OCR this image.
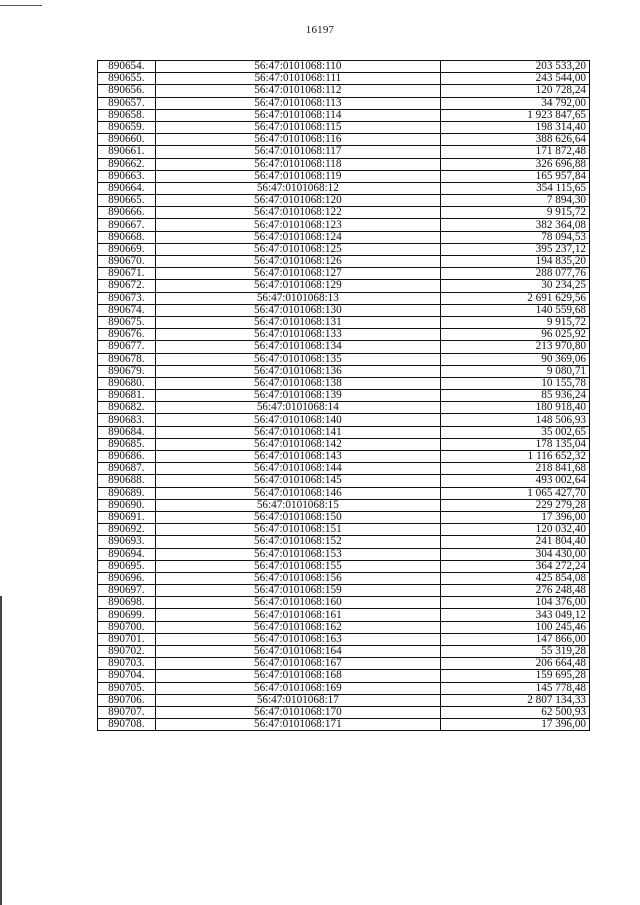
16197
890654.	56:47:0101068:110	203 533,20
890655.	56:47:0101068:111	243 544,00
890656.	56:47:0101068:112	120 728,24
890657.	56:47:0101068:113	34 792,00
890658.	56:47:0101068:114	1 923 847,65
890659.	56:47:0101068:115	198 314,40
890660.	56:47:0101068:116	388 626,64
890661.	56:47:0101068:117	171 872,48
890662.	56:47:0101068:118	326 696,88
890663.	56:47:0101068:119	165 957,84
890664.	56:47:0101068:12	354 115,65
890665.	56:47:0101068:120	7 894,30
890666.	56:47:0101068:122	9 915,72
890667.	56:47:0101068:123	382 364,08
890668.	56:47:0101068:124	78 094,53
890669.	56:47:0101068:125	395 237,12
890670.	56:47:0101068:126	194 835,20
890671.	56:47:0101068:127	288 077,76
890672.	56:47:0101068:129	30 234,25
890673.	56:47:0101068:13	2 691 629,56
890674.	56:47:0101068:130	140 559,68
890675.	56:47:0101068:131	9 915,72
890676.	56:47:0101068:133	96 025,92
890677.	56:47:0101068:134	213 970,80
890678.	56:47:0101068:135	90 369,06
890679.	56:47:0101068:136	9 080,71
890680.	56:47:0101068:138	10 155,78
890681.	56:47:0101068:139	85 936,24
890682.	56:47:0101068:14	180 918,40
890683.	56:47:0101068:140	148 506,93
890684.	56:47:0101068:141	35 002,65
890685.	56:47:0101068:142	178 135,04
890686.	56:47:0101068:143	1 116 652,32
890687.	56:47:0101068:144	218 841,68
890688.	56:47:0101068:145	493 002,64
890689.	56:47:0101068:146	1 065 427,70
890690.	56:47:0101068:15	229 279,28
890691.	56:47:0101068:150	17 396,00
890692.	56:47:0101068:151	120 032,40
890693.	56:47:0101068:152	241 804,40
890694.	56:47:0101068:153	304 430,00
890695.	56:47:0101068:155	364 272,24
890696.	56:47:0101068:156	425 854,08
890697.	56:47:0101068:159	276 248,48
890698.	56:47:0101068:160	104 376,00
890699.	56:47:0101068:161	343 049,12
890700.	56:47:0101068:162	100 245,46
890701.	56:47:0101068:163	147 866,00
890702.	56:47:0101068:164	55 319,28
890703.	56:47:0101068:167	206 664,48
890704.	56:47:0101068:168	159 695,28
890705.	56:47:0101068:169	145 778,48
890706.	56:47:0101068:17	2 807 134,33
890707.	56:47:0101068:170	62 500,93
890708.	56:47:0101068:171	17 396,00
